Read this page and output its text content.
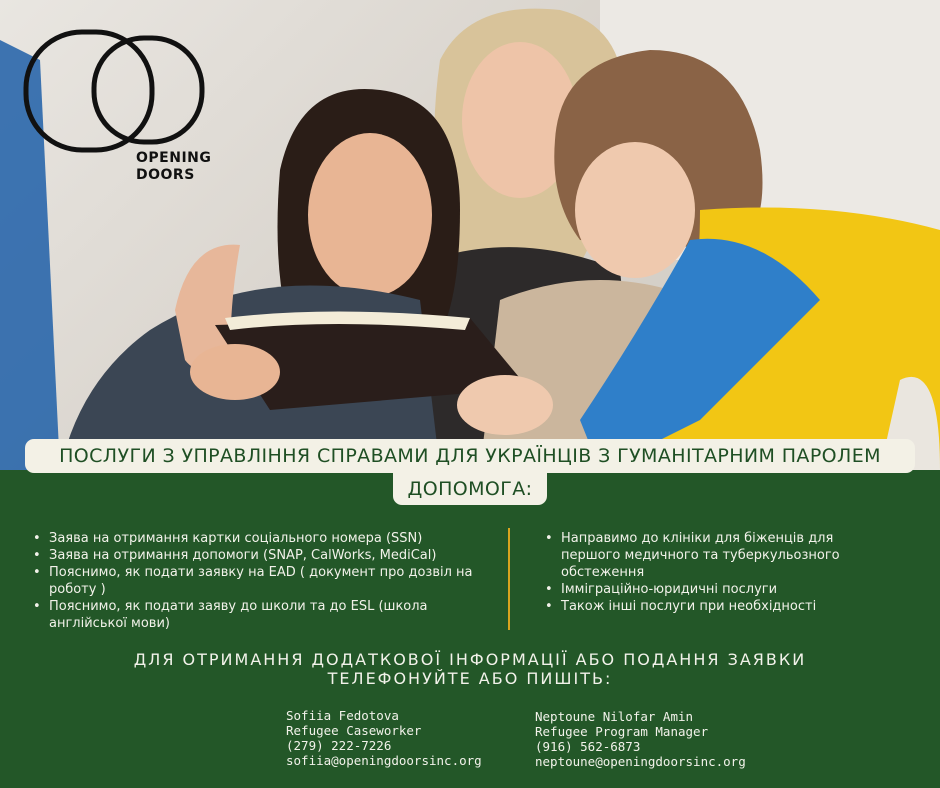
OPENING
DOORS
ПОСЛУГИ З УПРАВЛІННЯ СПРАВАМИ ДЛЯ УКРАЇНЦІВ З ГУМАНІТАРНИМ ПАРОЛЕМ
ДОПОМОГА:
• Заява на отримання картки соціального номера (SSN)
• Заява на отримання допомоги (SNAP, CalWorks, MediCal)
• Пояснимо, як подати заявку на EAD ( документ про дозвіл на роботу )
• Пояснимо, як подати заяву до школи та до ESL (школа англійської мови)
• Направимо до клініки для біженців для першого медичного та туберкульозного обстеження
• Імміграційно-юридичні послуги
• Також інші послуги при необхідності
ДЛЯ ОТРИМАННЯ ДОДАТКОВОЇ ІНФОРМАЦІЇ АБО ПОДАННЯ ЗАЯВКИ
ТЕЛЕФОНУЙТЕ АБО ПИШІТЬ:
Sofiia Fedotova
Refugee Caseworker
(279) 222-7226
sofiia@openingdoorsinc.org
Neptoune Nilofar Amin
Refugee Program Manager
(916) 562-6873
neptoune@openingdoorsinc.org
